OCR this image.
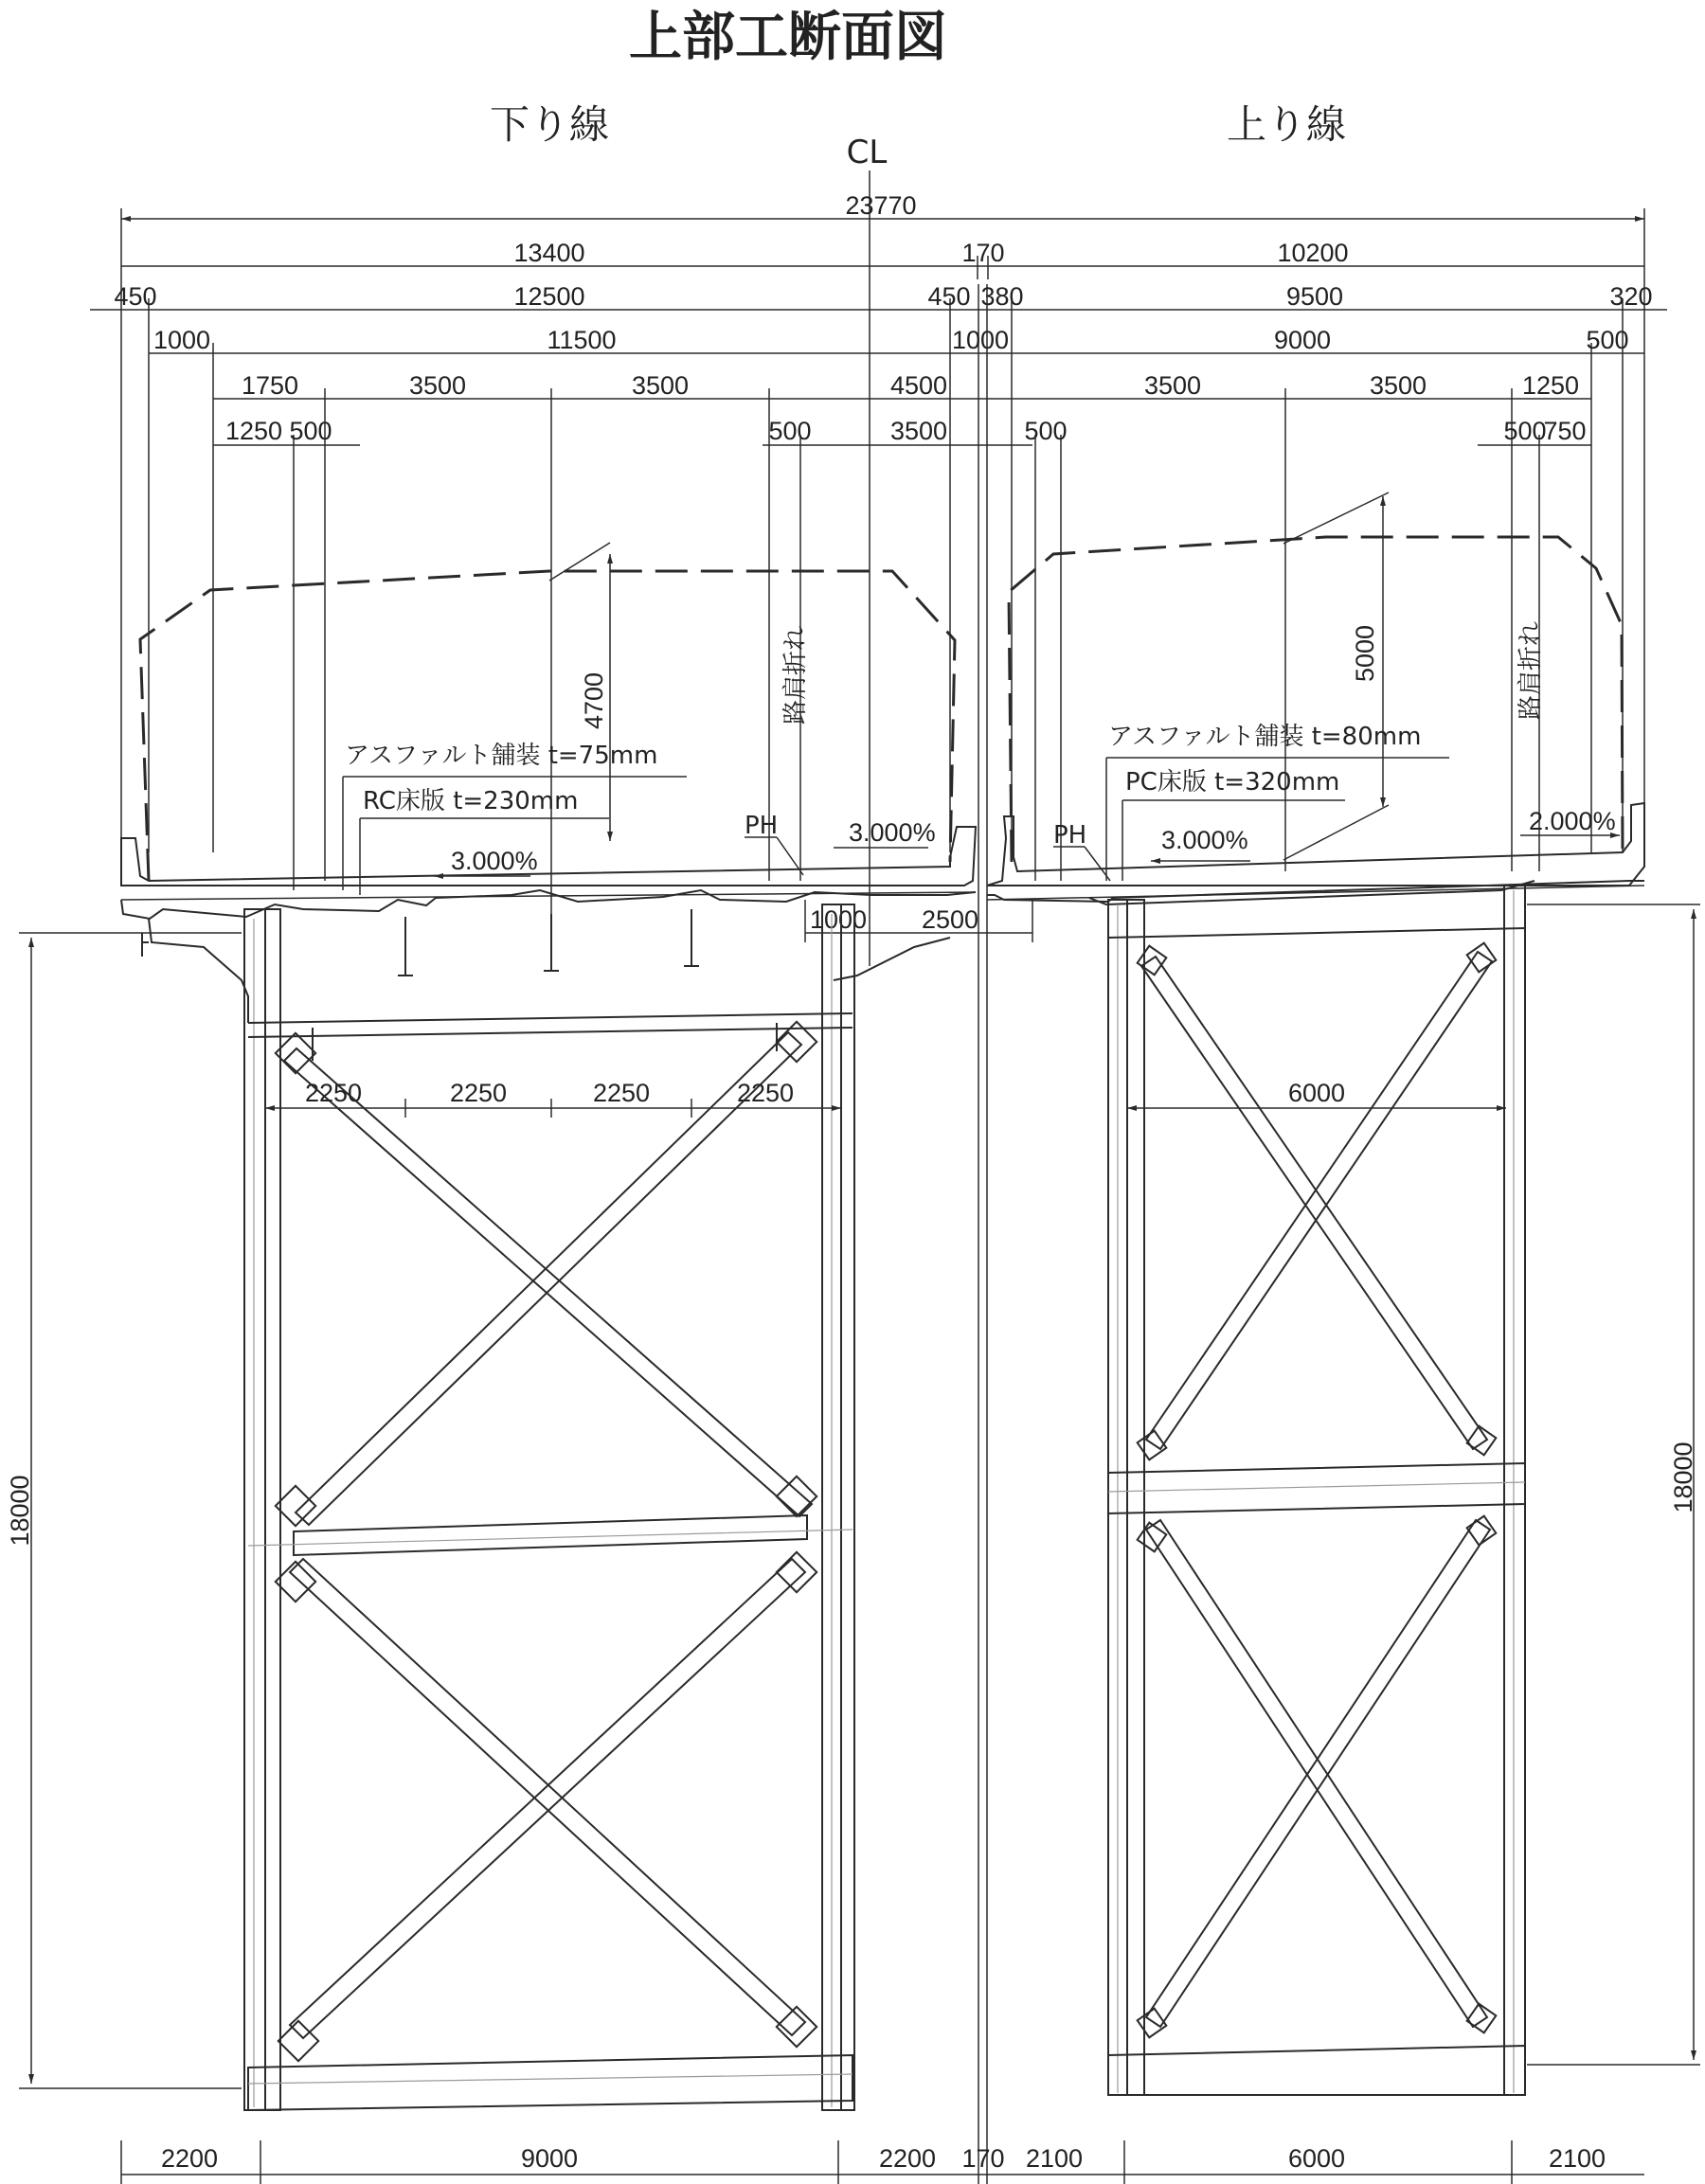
上部工断面図
下り線	上り線
CL
23770
13400	170	10200
450	12500	450 380	9500	320
1000	11500	1000	9000	500
1750	3500	3500	4500	3500	3500	1250
1250 500	500	3500	500	500
750
4700
5000
路肩折れ	路肩折れ
アスファルト舗装 t=75mm
RC床版 t=230mm
アスファルト舗装 t=80mm
PC床版 t=320mm
PH	PH
3.000%
3.000%	3.000%
2.000%
1000 2500
2250	2250	2250	2250	6000
18000	18000
2200	9000	2200 170 2100	6000	2100
